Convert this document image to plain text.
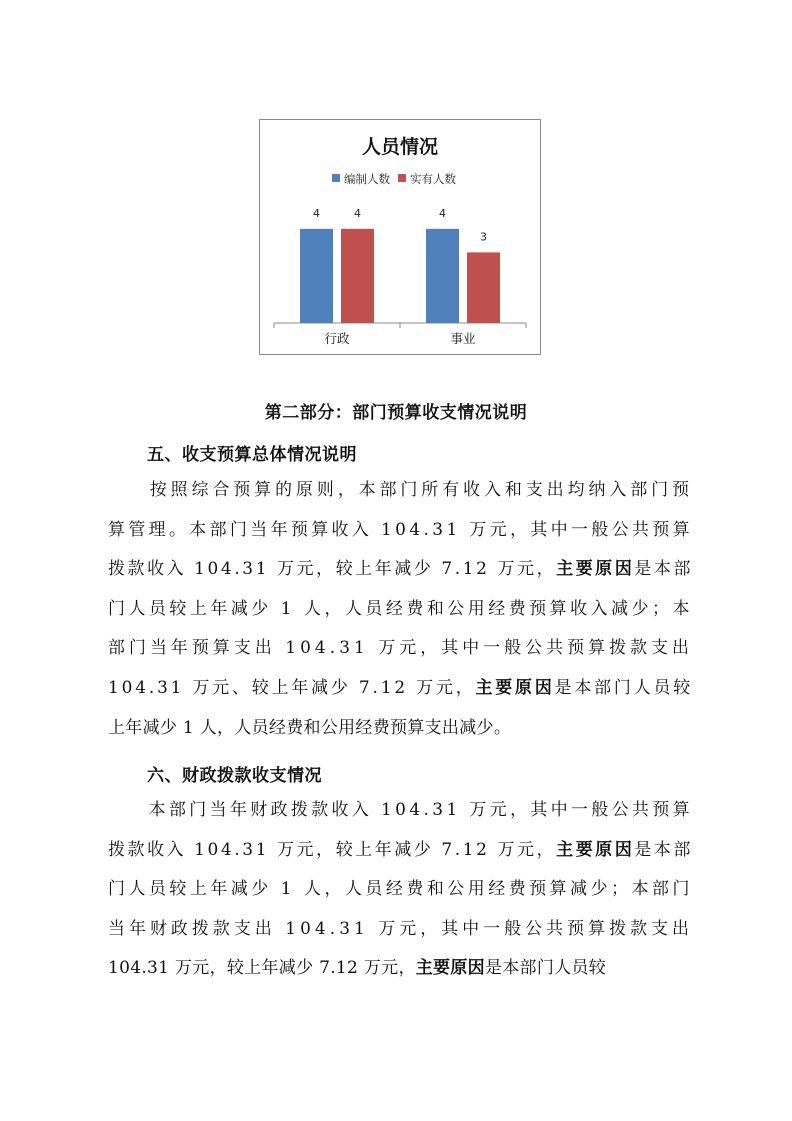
人员情况
编制人数 实有人数
4	4
行政
4
3
事业
第二部分：部门预算收支情况说明
五、收支预算总体情况说明
　　按照综合预算的原则，本部门所有收入和支出均纳入部门预
算管理。本部门当年预算收入 104.31 万元，其中一般公共预算
拨款收入 104.31 万元，较上年减少 7.12 万元，主要原因是本部
门人员较上年减少 1 人，人员经费和公用经费预算收入减少；本
部门当年预算支出 104.31 万元，其中一般公共预算拨款支出
104.31 万元、较上年减少 7.12 万元，主要原因是本部门人员较
上年减少 1 人，人员经费和公用经费预算支出减少。
六、财政拨款收支情况
　　本部门当年财政拨款收入 104.31 万元，其中一般公共预算
拨款收入 104.31 万元，较上年减少 7.12 万元，主要原因是本部
门人员较上年减少 1 人，人员经费和公用经费预算减少；本部门
当年财政拨款支出 104.31 万元，其中一般公共预算拨款支出
104.31 万元，较上年减少 7.12 万元，主要原因是本部门人员较
